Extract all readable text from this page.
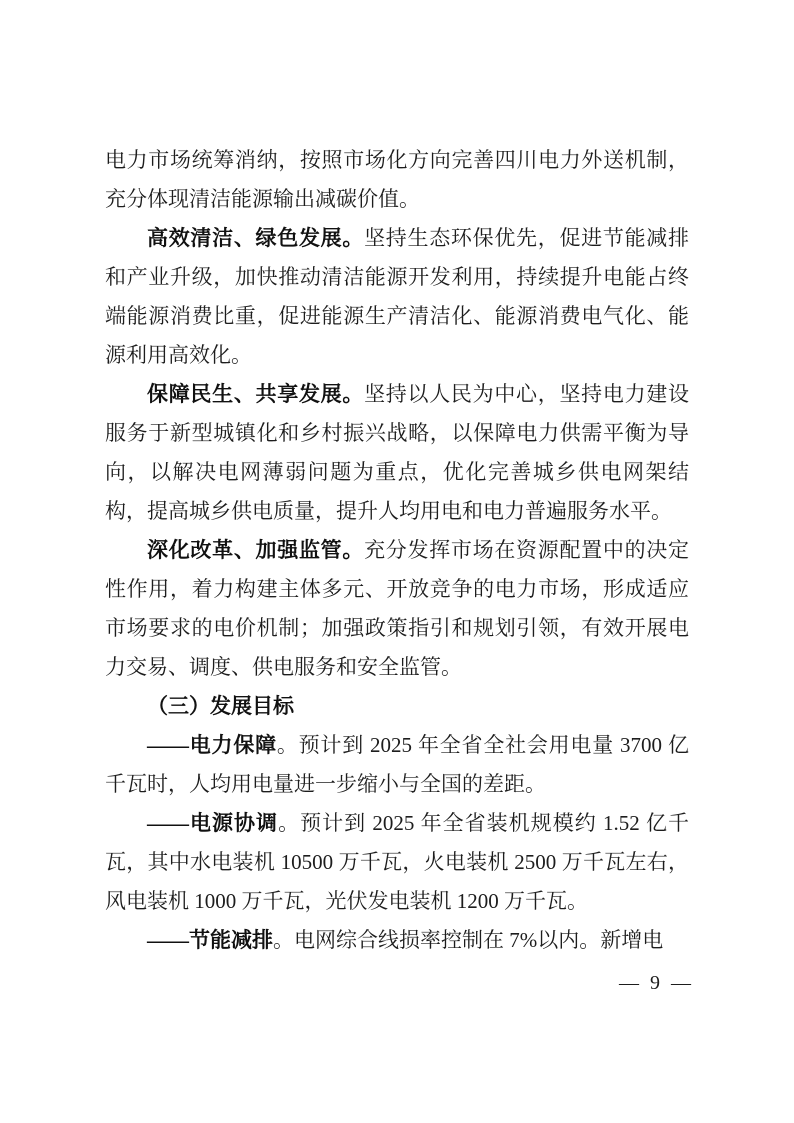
电力市场统筹消纳，按照市场化方向完善四川电力外送机制，充分体现清洁能源输出减碳价值。

高效清洁、绿色发展。坚持生态环保优先，促进节能减排和产业升级，加快推动清洁能源开发利用，持续提升电能占终端能源消费比重，促进能源生产清洁化、能源消费电气化、能源利用高效化。

保障民生、共享发展。坚持以人民为中心，坚持电力建设服务于新型城镇化和乡村振兴战略，以保障电力供需平衡为导向，以解决电网薄弱问题为重点，优化完善城乡供电网架结构，提高城乡供电质量，提升人均用电和电力普遍服务水平。

深化改革、加强监管。充分发挥市场在资源配置中的决定性作用，着力构建主体多元、开放竞争的电力市场，形成适应市场要求的电价机制；加强政策指引和规划引领，有效开展电力交易、调度、供电服务和安全监管。

（三）发展目标

——电力保障。预计到 2025 年全省全社会用电量 3700 亿千瓦时，人均用电量进一步缩小与全国的差距。

——电源协调。预计到 2025 年全省装机规模约 1.52 亿千瓦，其中水电装机 10500 万千瓦，火电装机 2500 万千瓦左右，风电装机 1000 万千瓦，光伏发电装机 1200 万千瓦。

——节能减排。电网综合线损率控制在 7%以内。新增电

— 9 —
